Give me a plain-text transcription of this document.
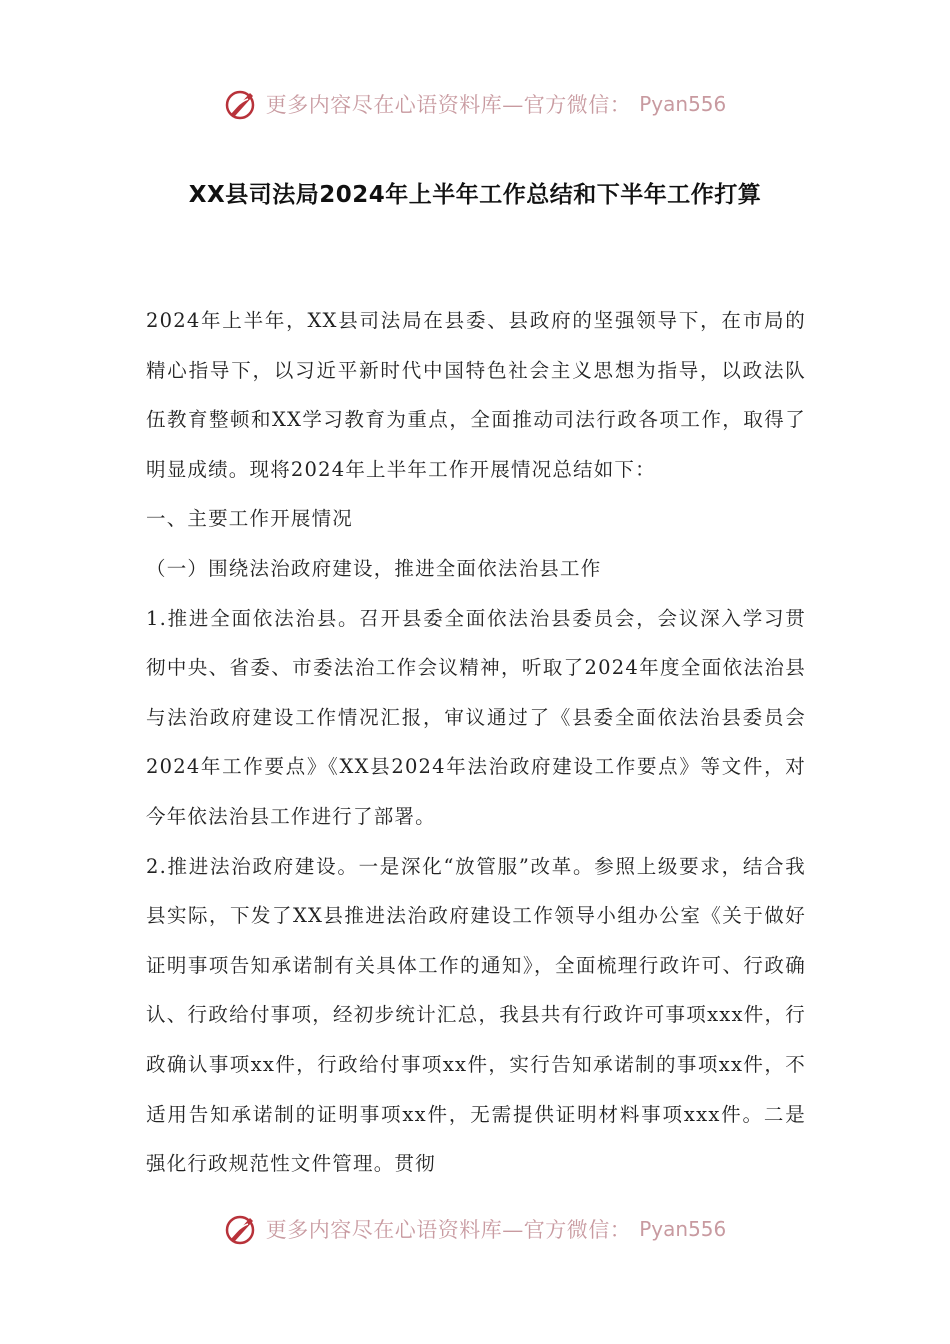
更多内容尽在心语资料库—官方微信： Pyan556
XX县司法局2024年上半年工作总结和下半年工作打算

2024年上半年，XX县司法局在县委、县政府的坚强领导下，在市局的精心指导下，以习近平新时代中国特色社会主义思想为指导，以政法队伍教育整顿和XX学习教育为重点，全面推动司法行政各项工作，取得了明显成绩。现将2024年上半年工作开展情况总结如下：

一、主要工作开展情况

（一）围绕法治政府建设，推进全面依法治县工作

1.推进全面依法治县。召开县委全面依法治县委员会，会议深入学习贯彻中央、省委、市委法治工作会议精神，听取了2024年度全面依法治县与法治政府建设工作情况汇报，审议通过了《县委全面依法治县委员会2024年工作要点》《XX县2024年法治政府建设工作要点》等文件，对今年依法治县工作进行了部署。

2.推进法治政府建设。一是深化“放管服”改革。参照上级要求，结合我县实际，下发了XX县推进法治政府建设工作领导小组办公室《关于做好证明事项告知承诺制有关具体工作的通知》，全面梳理行政许可、行政确认、行政给付事项，经初步统计汇总，我县共有行政许可事项xxx件，行政确认事项xx件，行政给付事项xx件，实行告知承诺制的事项xx件，不适用告知承诺制的证明事项xx件，无需提供证明材料事项xxx件。二是强化行政规范性文件管理。贯彻

更多内容尽在心语资料库—官方微信： Pyan556
